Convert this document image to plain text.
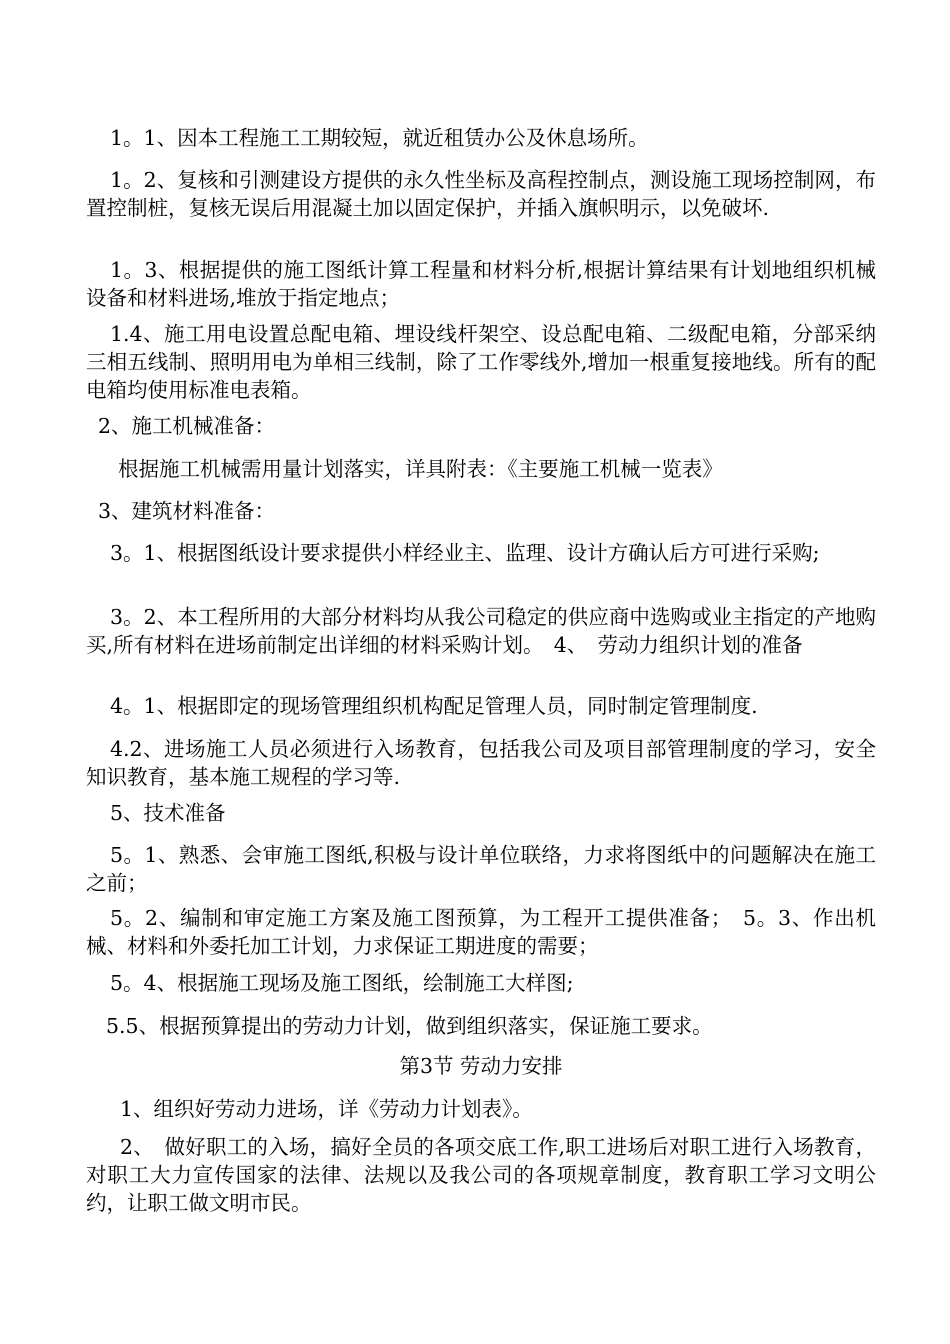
1。1、因本工程施工工期较短，就近租赁办公及休息场所。

1。2、复核和引测建设方提供的永久性坐标及高程控制点，测设施工现场控制网，布置控制桩，复核无误后用混凝土加以固定保护，并插入旗帜明示，以免破坏.

1。3、根据提供的施工图纸计算工程量和材料分析,根据计算结果有计划地组织机械设备和材料进场,堆放于指定地点；

1.4、施工用电设置总配电箱、埋设线杆架空、设总配电箱、二级配电箱，分部采纳三相五线制、照明用电为单相三线制，除了工作零线外,增加一根重复接地线。所有的配电箱均使用标准电表箱。

2、施工机械准备：

根据施工机械需用量计划落实，详具附表：《主要施工机械一览表》

3、建筑材料准备：

3。1、根据图纸设计要求提供小样经业主、监理、设计方确认后方可进行采购;

3。2、本工程所用的大部分材料均从我公司稳定的供应商中选购或业主指定的产地购买,所有材料在进场前制定出详细的材料采购计划。　4、　劳动力组织计划的准备

4。1、根据即定的现场管理组织机构配足管理人员，同时制定管理制度.

4.2、进场施工人员必须进行入场教育，包括我公司及项目部管理制度的学习，安全知识教育，基本施工规程的学习等.

5、技术准备

5。1、熟悉、会审施工图纸,积极与设计单位联络，力求将图纸中的问题解决在施工之前；

5。2、编制和审定施工方案及施工图预算，为工程开工提供准备；　5。3、作出机械、材料和外委托加工计划，力求保证工期进度的需要；

5。4、根据施工现场及施工图纸，绘制施工大样图;

5.5、根据预算提出的劳动力计划，做到组织落实，保证施工要求。

第3节 劳动力安排

1、组织好劳动力进场，详《劳动力计划表》。

2、　做好职工的入场，搞好全员的各项交底工作,职工进场后对职工进行入场教育，对职工大力宣传国家的法律、法规以及我公司的各项规章制度，教育职工学习文明公约，让职工做文明市民。
